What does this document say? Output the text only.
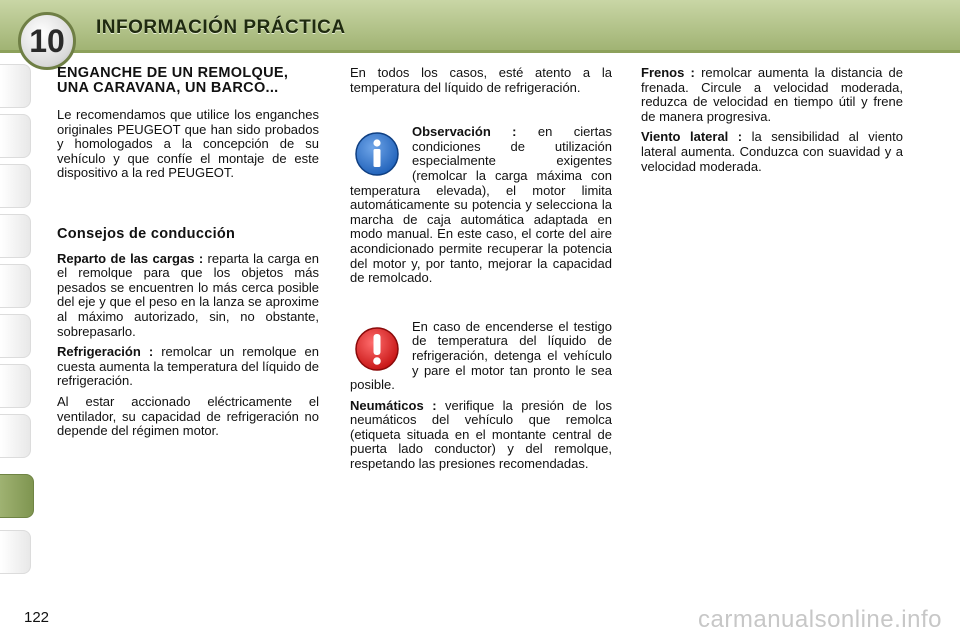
10	INFORMACIÓN PRÁCTICA
ENGANCHE DE UN REMOLQUE, UNA CARAVANA, UN BARCO...

Le recomendamos que utilice los enganches originales PEUGEOT que han sido probados y homologados a la concepción de su vehículo y que confíe el montaje de este dispositivo a la red PEUGEOT.

Consejos de conducción

Reparto de las cargas : reparta la carga en el remolque para que los objetos más pesados se encuentren lo más cerca posible del eje y que el peso en la lanza se aproxime al máximo autorizado, sin, no obstante, sobrepasarlo.

Refrigeración : remolcar un remolque en cuesta aumenta la temperatura del líquido de refrigeración.

Al estar accionado eléctricamente el ventilador, su capacidad de refrigeración no depende del régimen motor.

En todos los casos, esté atento a la temperatura del líquido de refrigeración.

Observación : en ciertas condiciones de utilización especialmente exigentes (remolcar la carga máxima con temperatura elevada), el motor limita automáticamente su potencia y selecciona la marcha de caja automática adaptada en modo manual. En este caso, el corte del aire acondicionado permite recuperar la potencia del motor y, por tanto, mejorar la capacidad de remolcado.

En caso de encenderse el testigo de temperatura del líquido de refrigeración, detenga el vehículo y pare el motor tan pronto le sea posible.

Neumáticos : verifique la presión de los neumáticos del vehículo que remolca (etiqueta situada en el montante central de puerta lado conductor) y del remolque, respetando las presiones recomendadas.

Frenos : remolcar aumenta la distancia de frenada. Circule a velocidad moderada, reduzca de velocidad en tiempo útil y frene de manera progresiva.

Viento lateral : la sensibilidad al viento lateral aumenta. Conduzca con suavidad y a velocidad moderada.

122	carmanualsonline.info
